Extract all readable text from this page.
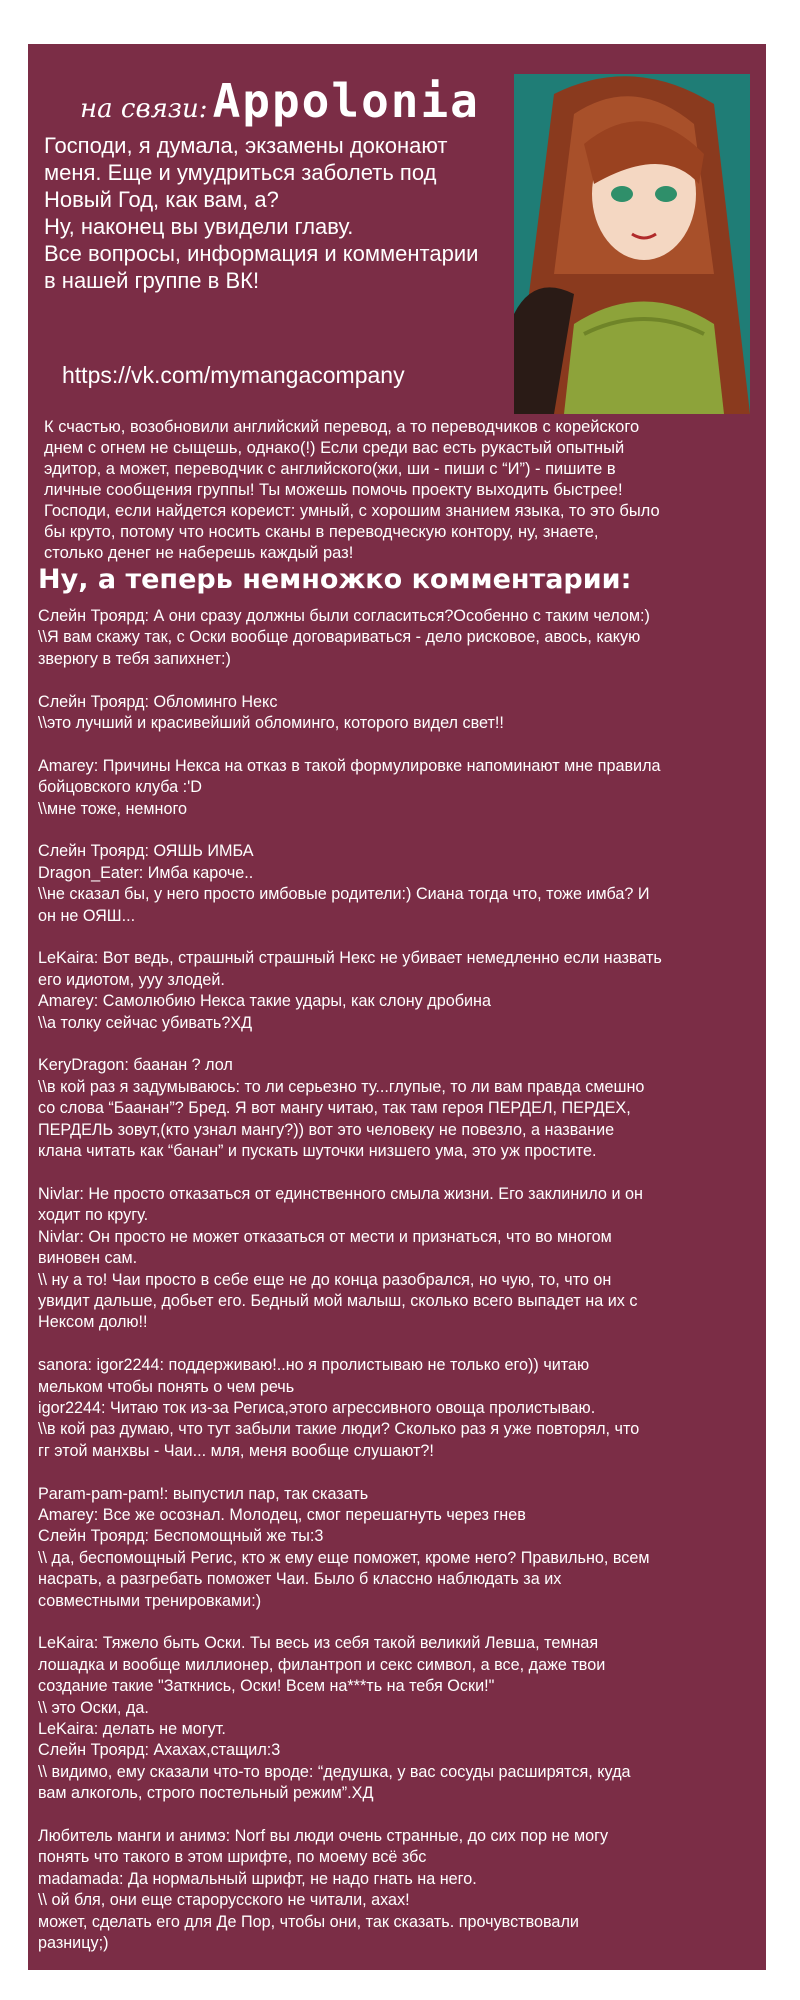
на связи: Appolonia
Господи, я думала, экзамены доконают
меня. Еще и умудриться заболеть под
Новый Год, как вам, а?
Ну, наконец вы увидели главу.
Все вопросы, информация и комментарии
в нашей группе в ВК!
https://vk.com/mymangacompany
К счастью, возобновили английский перевод, а то переводчиков с корейского
днем с огнем не сыщешь, однако(!) Если среди вас есть рукастый опытный
эдитор, а может, переводчик с английского(жи, ши - пиши с “И”) - пишите в
личные сообщения группы! Ты можешь помочь проекту выходить быстрее!
Господи, если найдется кореист: умный, с хорошим знанием языка, то это было
бы круто, потому что носить сканы в переводческую контору, ну, знаете,
столько денег не наберешь каждый раз!
Ну, а теперь немножко комментарии:
Слейн Троярд: А они сразу должны были согласиться?Особенно с таким челом:)
\\Я вам скажу так, с Оски вообще договариваться - дело рисковое, авось, какую
зверюгу в тебя запихнет:)
Слейн Троярд: Обломинго Некс
\\это лучший и красивейший обломинго, которого видел свет!!
Amarey: Причины Некса на отказ в такой формулировке напоминают мне правила
бойцовского клуба :'D
\\мне тоже, немного
Слейн Троярд: ОЯШЬ ИМБА
Dragon_Eater: Имба кароче..
\\не сказал бы, у него просто имбовые родители:) Сиана тогда что, тоже имба? И
он не ОЯШ...
LeKaira: Вот ведь, страшный страшный Некс не убивает немедленно если назвать
его идиотом, ууу злодей.
Amarey: Самолюбию Некса такие удары, как слону дробина
\\а толку сейчас убивать?ХД
KeryDragon: баанан ? лол
\\в кой раз я задумываюсь: то ли серьезно ту...глупые, то ли вам правда смешно
со слова “Баанан”? Бред. Я вот мангу читаю, так там героя ПЕРДЕЛ, ПЕРДЕХ,
ПЕРДЕЛЬ зовут,(кто узнал мангу?)) вот это человеку не повезло, а название
клана читать как “банан” и пускать шуточки низшего ума, это уж простите.
Nivlar: Не просто отказаться от единственного смыла жизни. Его заклинило и он
ходит по кругу.
Nivlar: Он просто не может отказаться от мести и признаться, что во многом
виновен сам.
\\ ну а то! Чаи просто в себе еще не до конца разобрался, но чую, то, что он
увидит дальше, добьет его. Бедный мой малыш, сколько всего выпадет на их с
Нексом долю!!
sanora: igor2244: поддерживаю!..но я пролистываю не только его)) читаю
мельком чтобы понять о чем речь
igor2244: Читаю ток из-за Региса,этого агрессивного овоща пролистываю.
\\в кой раз думаю, что тут забыли такие люди? Сколько раз я уже повторял, что
гг этой манхвы - Чаи... мля, меня вообще слушают?!
Param-pam-pam!: выпустил пар, так сказать
Amarey: Все же осознал. Молодец, смог перешагнуть через гнев
Слейн Троярд: Беспомощный же ты:3
\\ да, беспомощный Регис, кто ж ему еще поможет, кроме него? Правильно, всем
насрать, а разгребать поможет Чаи. Было б классно наблюдать за их
совместными тренировками:)
LeKaira: Тяжело быть Оски. Ты весь из себя такой великий Левша, темная
лошадка и вообще миллионер, филантроп и секс символ, а все, даже твои
создание такие "Заткнись, Оски! Всем на***ть на тебя Оски!"
\\ это Оски, да.
LeKaira: делать не могут.
Слейн Троярд: Ахахах,стащил:3
\\ видимо, ему сказали что-то вроде: “дедушка, у вас сосуды расширятся, куда
вам алкоголь, строго постельный режим”.ХД
Любитель манги и анимэ: Norf вы люди очень странные, до сих пор не могу
понять что такого в этом шрифте, по моему всё збс
madamada: Да нормальный шрифт, не надо гнать на него.
\\ ой бля, они еще старорусского не читали, ахах!
может, сделать его для Де Пор, чтобы они, так сказать. прочувствовали
разницу;)
